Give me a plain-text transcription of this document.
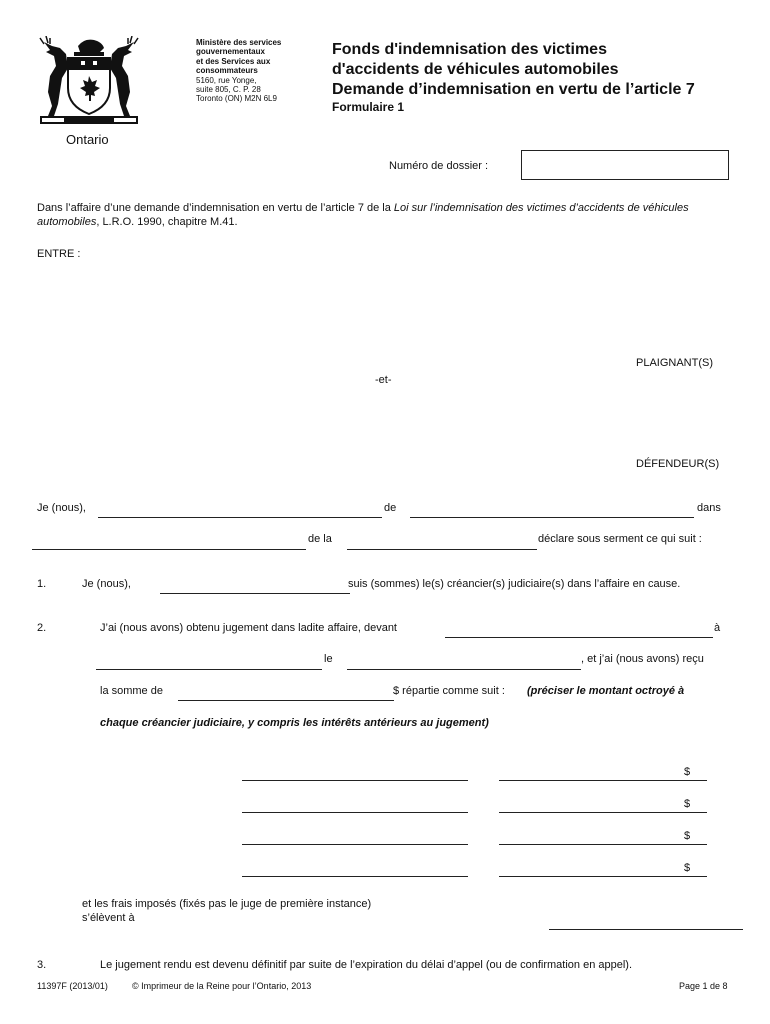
Ontario
Ministère des services
gouvernementaux
et des Services aux
consommateurs
5160, rue Yonge,
suite 805, C. P. 28
Toronto (ON) M2N 6L9
Fonds d'indemnisation des victimes
d'accidents de véhicules automobiles
Demande d’indemnisation en vertu de l’article 7
Formulaire 1
Numéro de dossier :
Dans l’affaire d’une demande d’indemnisation en vertu de l’article 7 de la Loi sur l’indemnisation des victimes d’accidents de véhicules automobiles, L.R.O. 1990, chapitre M.41.
ENTRE :
PLAIGNANT(S)
-et-
DÉFENDEUR(S)
Je (nous),	de	dans
de la	déclare sous serment ce qui suit :
1.	Je (nous),	suis (sommes) le(s) créancier(s) judiciaire(s) dans l’affaire en cause.
2.	J’ai (nous avons) obtenu jugement dans ladite affaire, devant	à
le	, et j’ai (nous avons) reçu
la somme de	$ répartie comme suit : (préciser le montant octroyé à
chaque créancier judiciaire, y compris les intérêts antérieurs au jugement)
$
$
$
$
et les frais imposés (fixés pas le juge de première instance)
s’élèvent à
3.	Le jugement rendu est devenu définitif par suite de l’expiration du délai d’appel (ou de confirmation en appel).
11397F (2013/01)	© Imprimeur de la Reine pour l’Ontario, 2013	Page 1 de 8
